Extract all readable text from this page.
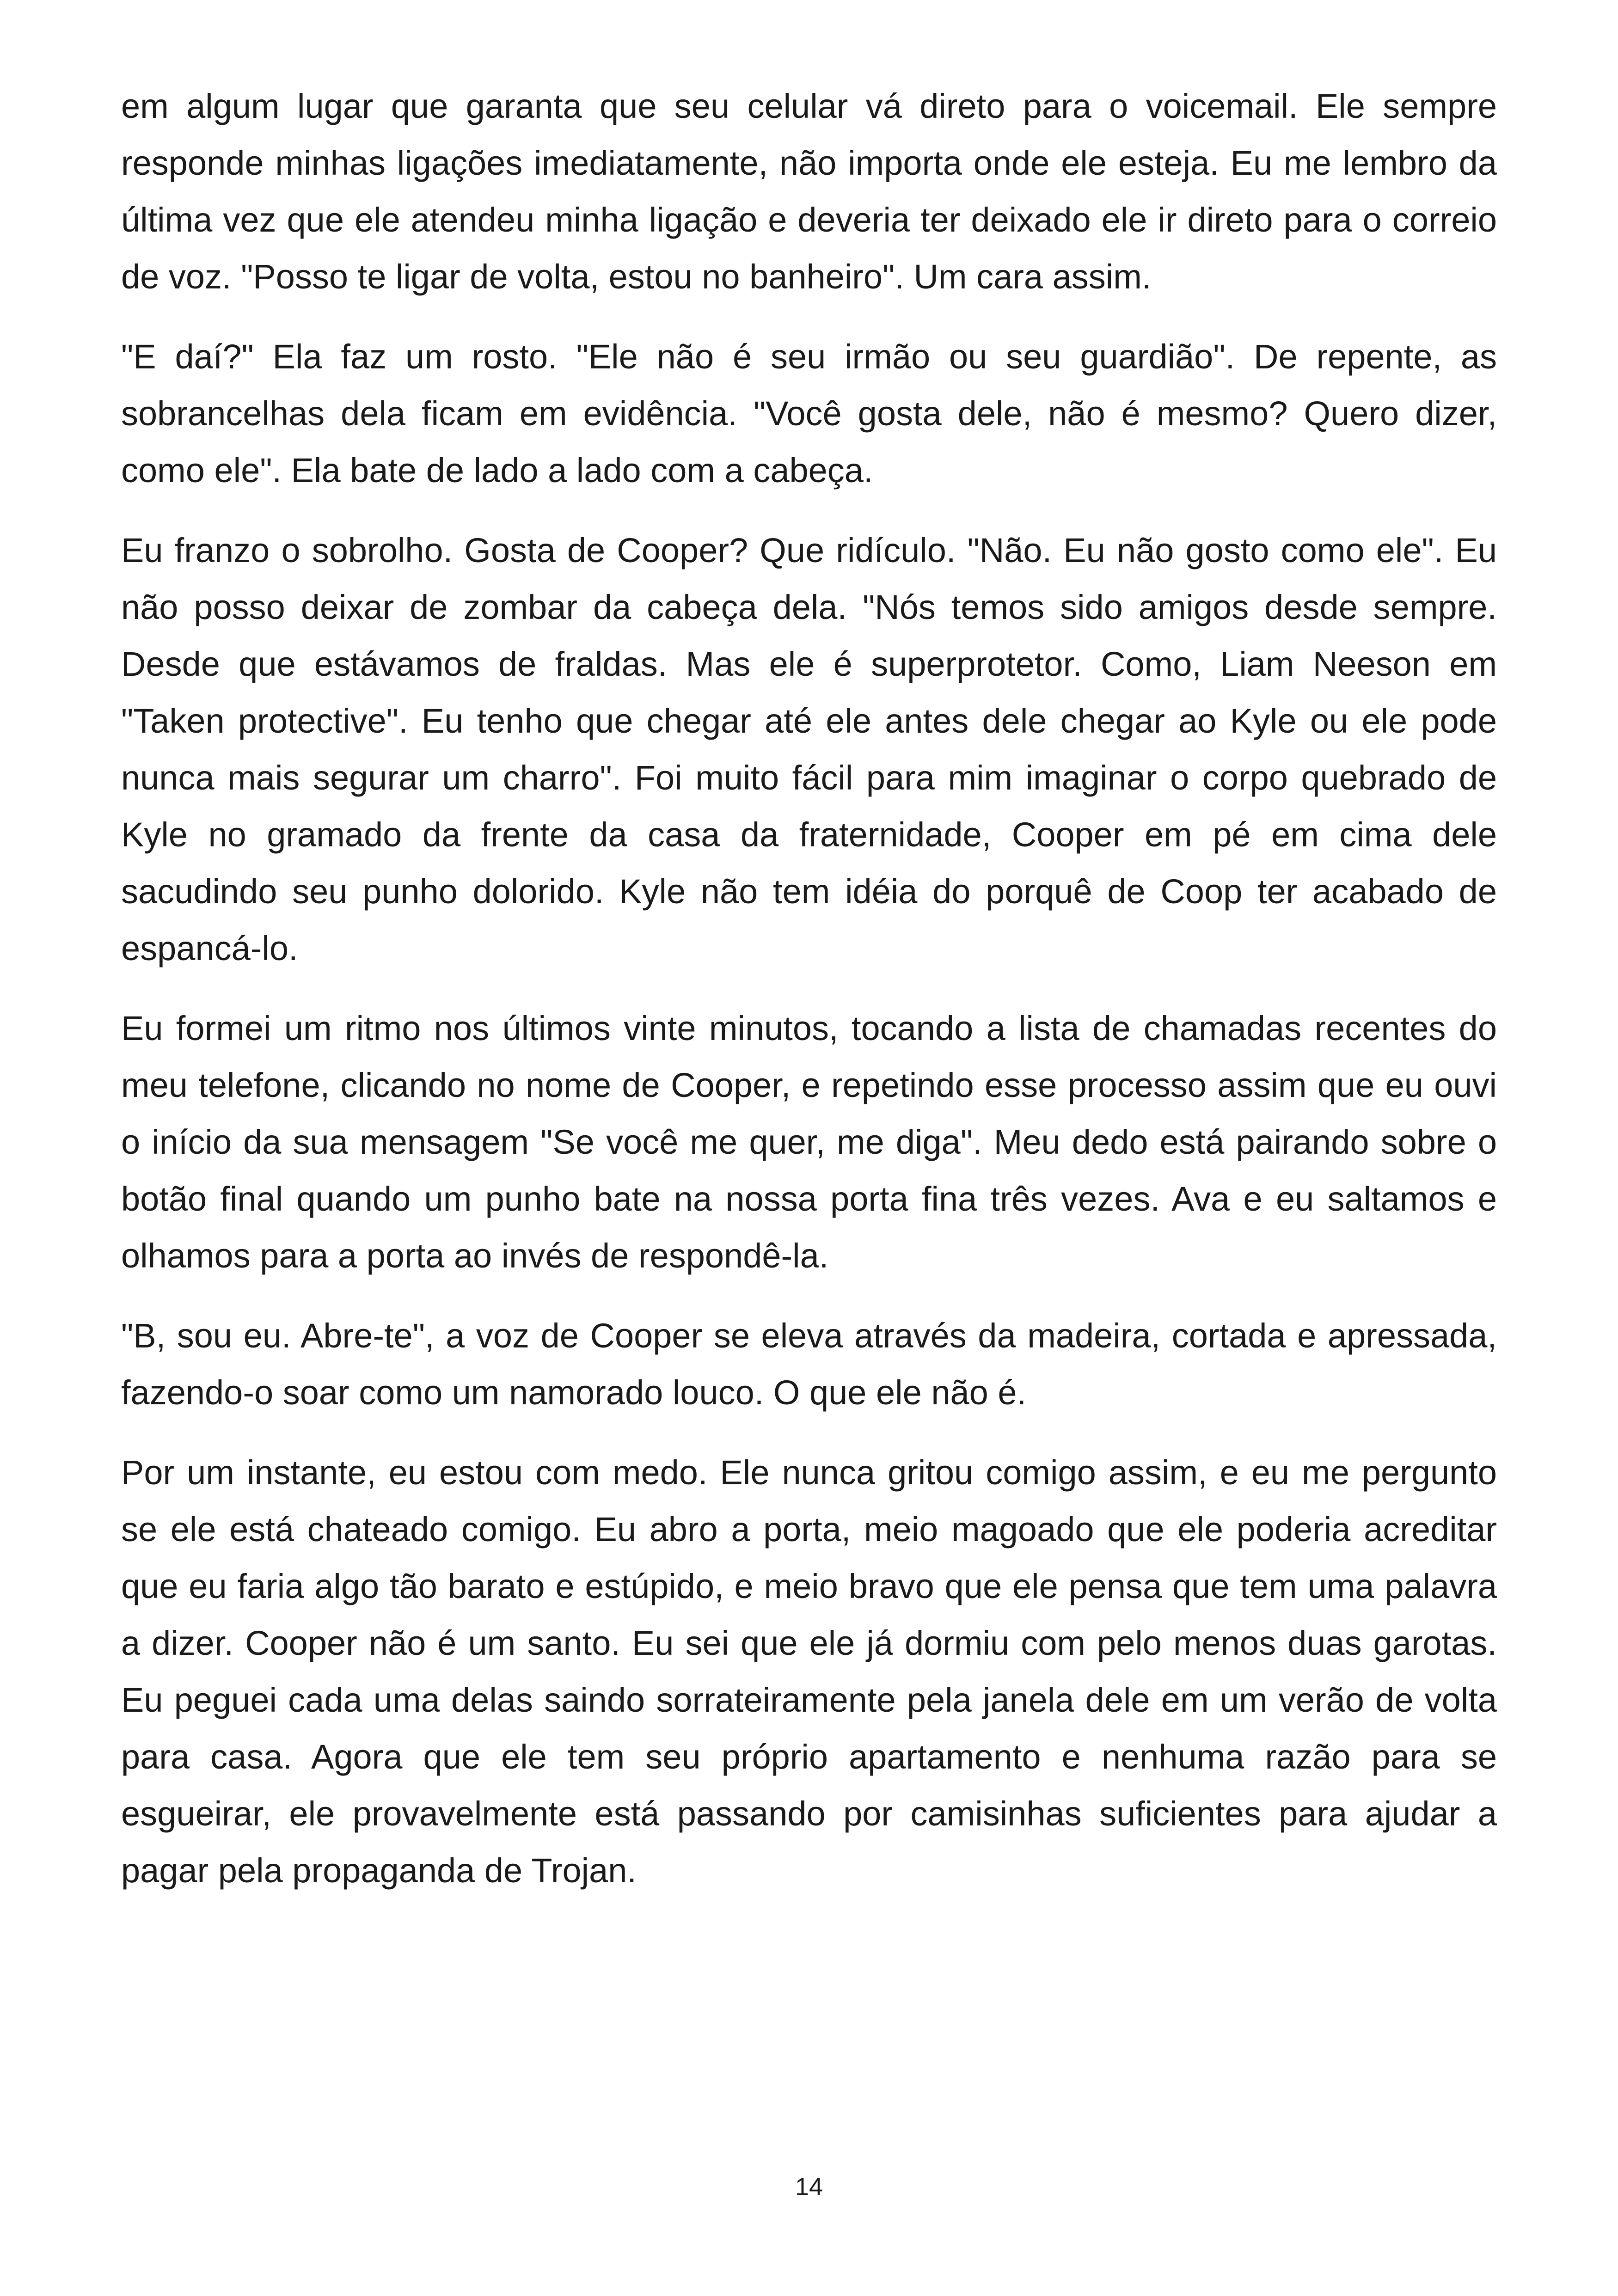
em algum lugar que garanta que seu celular vá direto para o voicemail. Ele sempre responde minhas ligações imediatamente, não importa onde ele esteja. Eu me lembro da última vez que ele atendeu minha ligação e deveria ter deixado ele ir direto para o correio de voz. "Posso te ligar de volta, estou no banheiro". Um cara assim.

"E daí?" Ela faz um rosto. "Ele não é seu irmão ou seu guardião". De repente, as sobrancelhas dela ficam em evidência. "Você gosta dele, não é mesmo? Quero dizer, como ele". Ela bate de lado a lado com a cabeça.

Eu franzo o sobrolho. Gosta de Cooper? Que ridículo. "Não. Eu não gosto como ele". Eu não posso deixar de zombar da cabeça dela. "Nós temos sido amigos desde sempre. Desde que estávamos de fraldas. Mas ele é superprotetor. Como, Liam Neeson em "Taken protective". Eu tenho que chegar até ele antes dele chegar ao Kyle ou ele pode nunca mais segurar um charro". Foi muito fácil para mim imaginar o corpo quebrado de Kyle no gramado da frente da casa da fraternidade, Cooper em pé em cima dele sacudindo seu punho dolorido. Kyle não tem idéia do porquê de Coop ter acabado de espancá-lo.

Eu formei um ritmo nos últimos vinte minutos, tocando a lista de chamadas recentes do meu telefone, clicando no nome de Cooper, e repetindo esse processo assim que eu ouvi o início da sua mensagem "Se você me quer, me diga". Meu dedo está pairando sobre o botão final quando um punho bate na nossa porta fina três vezes. Ava e eu saltamos e olhamos para a porta ao invés de respondê-la.

"B, sou eu. Abre-te", a voz de Cooper se eleva através da madeira, cortada e apressada, fazendo-o soar como um namorado louco. O que ele não é.

Por um instante, eu estou com medo. Ele nunca gritou comigo assim, e eu me pergunto se ele está chateado comigo. Eu abro a porta, meio magoado que ele poderia acreditar que eu faria algo tão barato e estúpido, e meio bravo que ele pensa que tem uma palavra a dizer. Cooper não é um santo. Eu sei que ele já dormiu com pelo menos duas garotas. Eu peguei cada uma delas saindo sorrateiramente pela janela dele em um verão de volta para casa. Agora que ele tem seu próprio apartamento e nenhuma razão para se esgueirar, ele provavelmente está passando por camisinhas suficientes para ajudar a pagar pela propaganda de Trojan.

14
